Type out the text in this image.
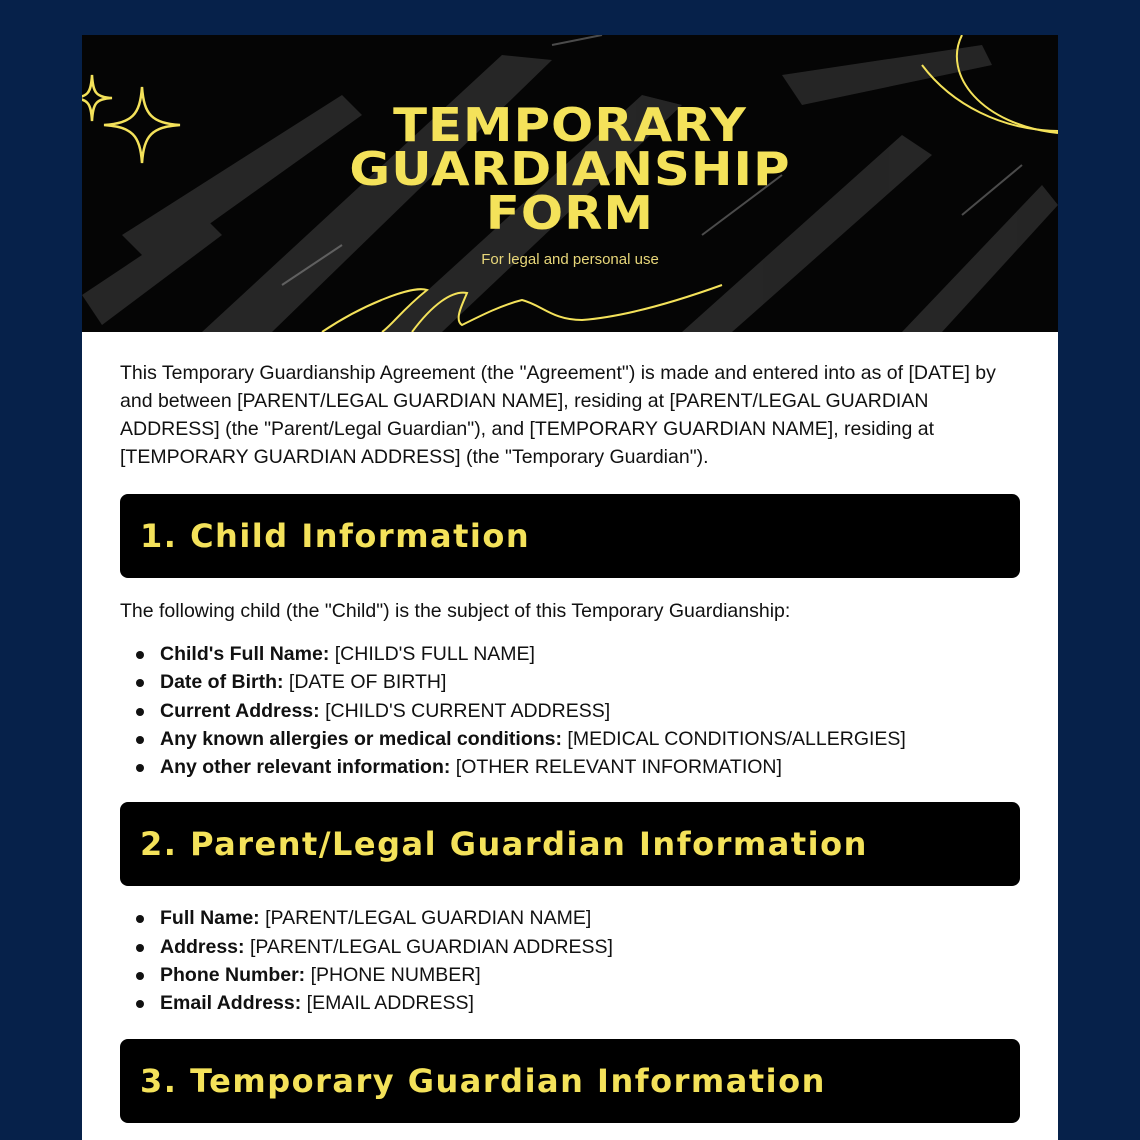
TEMPORARY
GUARDIANSHIP
FORM
For legal and personal use

This Temporary Guardianship Agreement (the "Agreement") is made and entered into as of [DATE] by and between [PARENT/LEGAL GUARDIAN NAME], residing at [PARENT/LEGAL GUARDIAN ADDRESS] (the "Parent/Legal Guardian"), and [TEMPORARY GUARDIAN NAME], residing at [TEMPORARY GUARDIAN ADDRESS] (the "Temporary Guardian").

1. Child Information

The following child (the "Child") is the subject of this Temporary Guardianship:

Child's Full Name: [CHILD'S FULL NAME]
Date of Birth: [DATE OF BIRTH]
Current Address: [CHILD'S CURRENT ADDRESS]
Any known allergies or medical conditions: [MEDICAL CONDITIONS/ALLERGIES]
Any other relevant information: [OTHER RELEVANT INFORMATION]
2. Parent/Legal Guardian Information
Full Name: [PARENT/LEGAL GUARDIAN NAME]
Address: [PARENT/LEGAL GUARDIAN ADDRESS]
Phone Number: [PHONE NUMBER]
Email Address: [EMAIL ADDRESS]
3. Temporary Guardian Information
